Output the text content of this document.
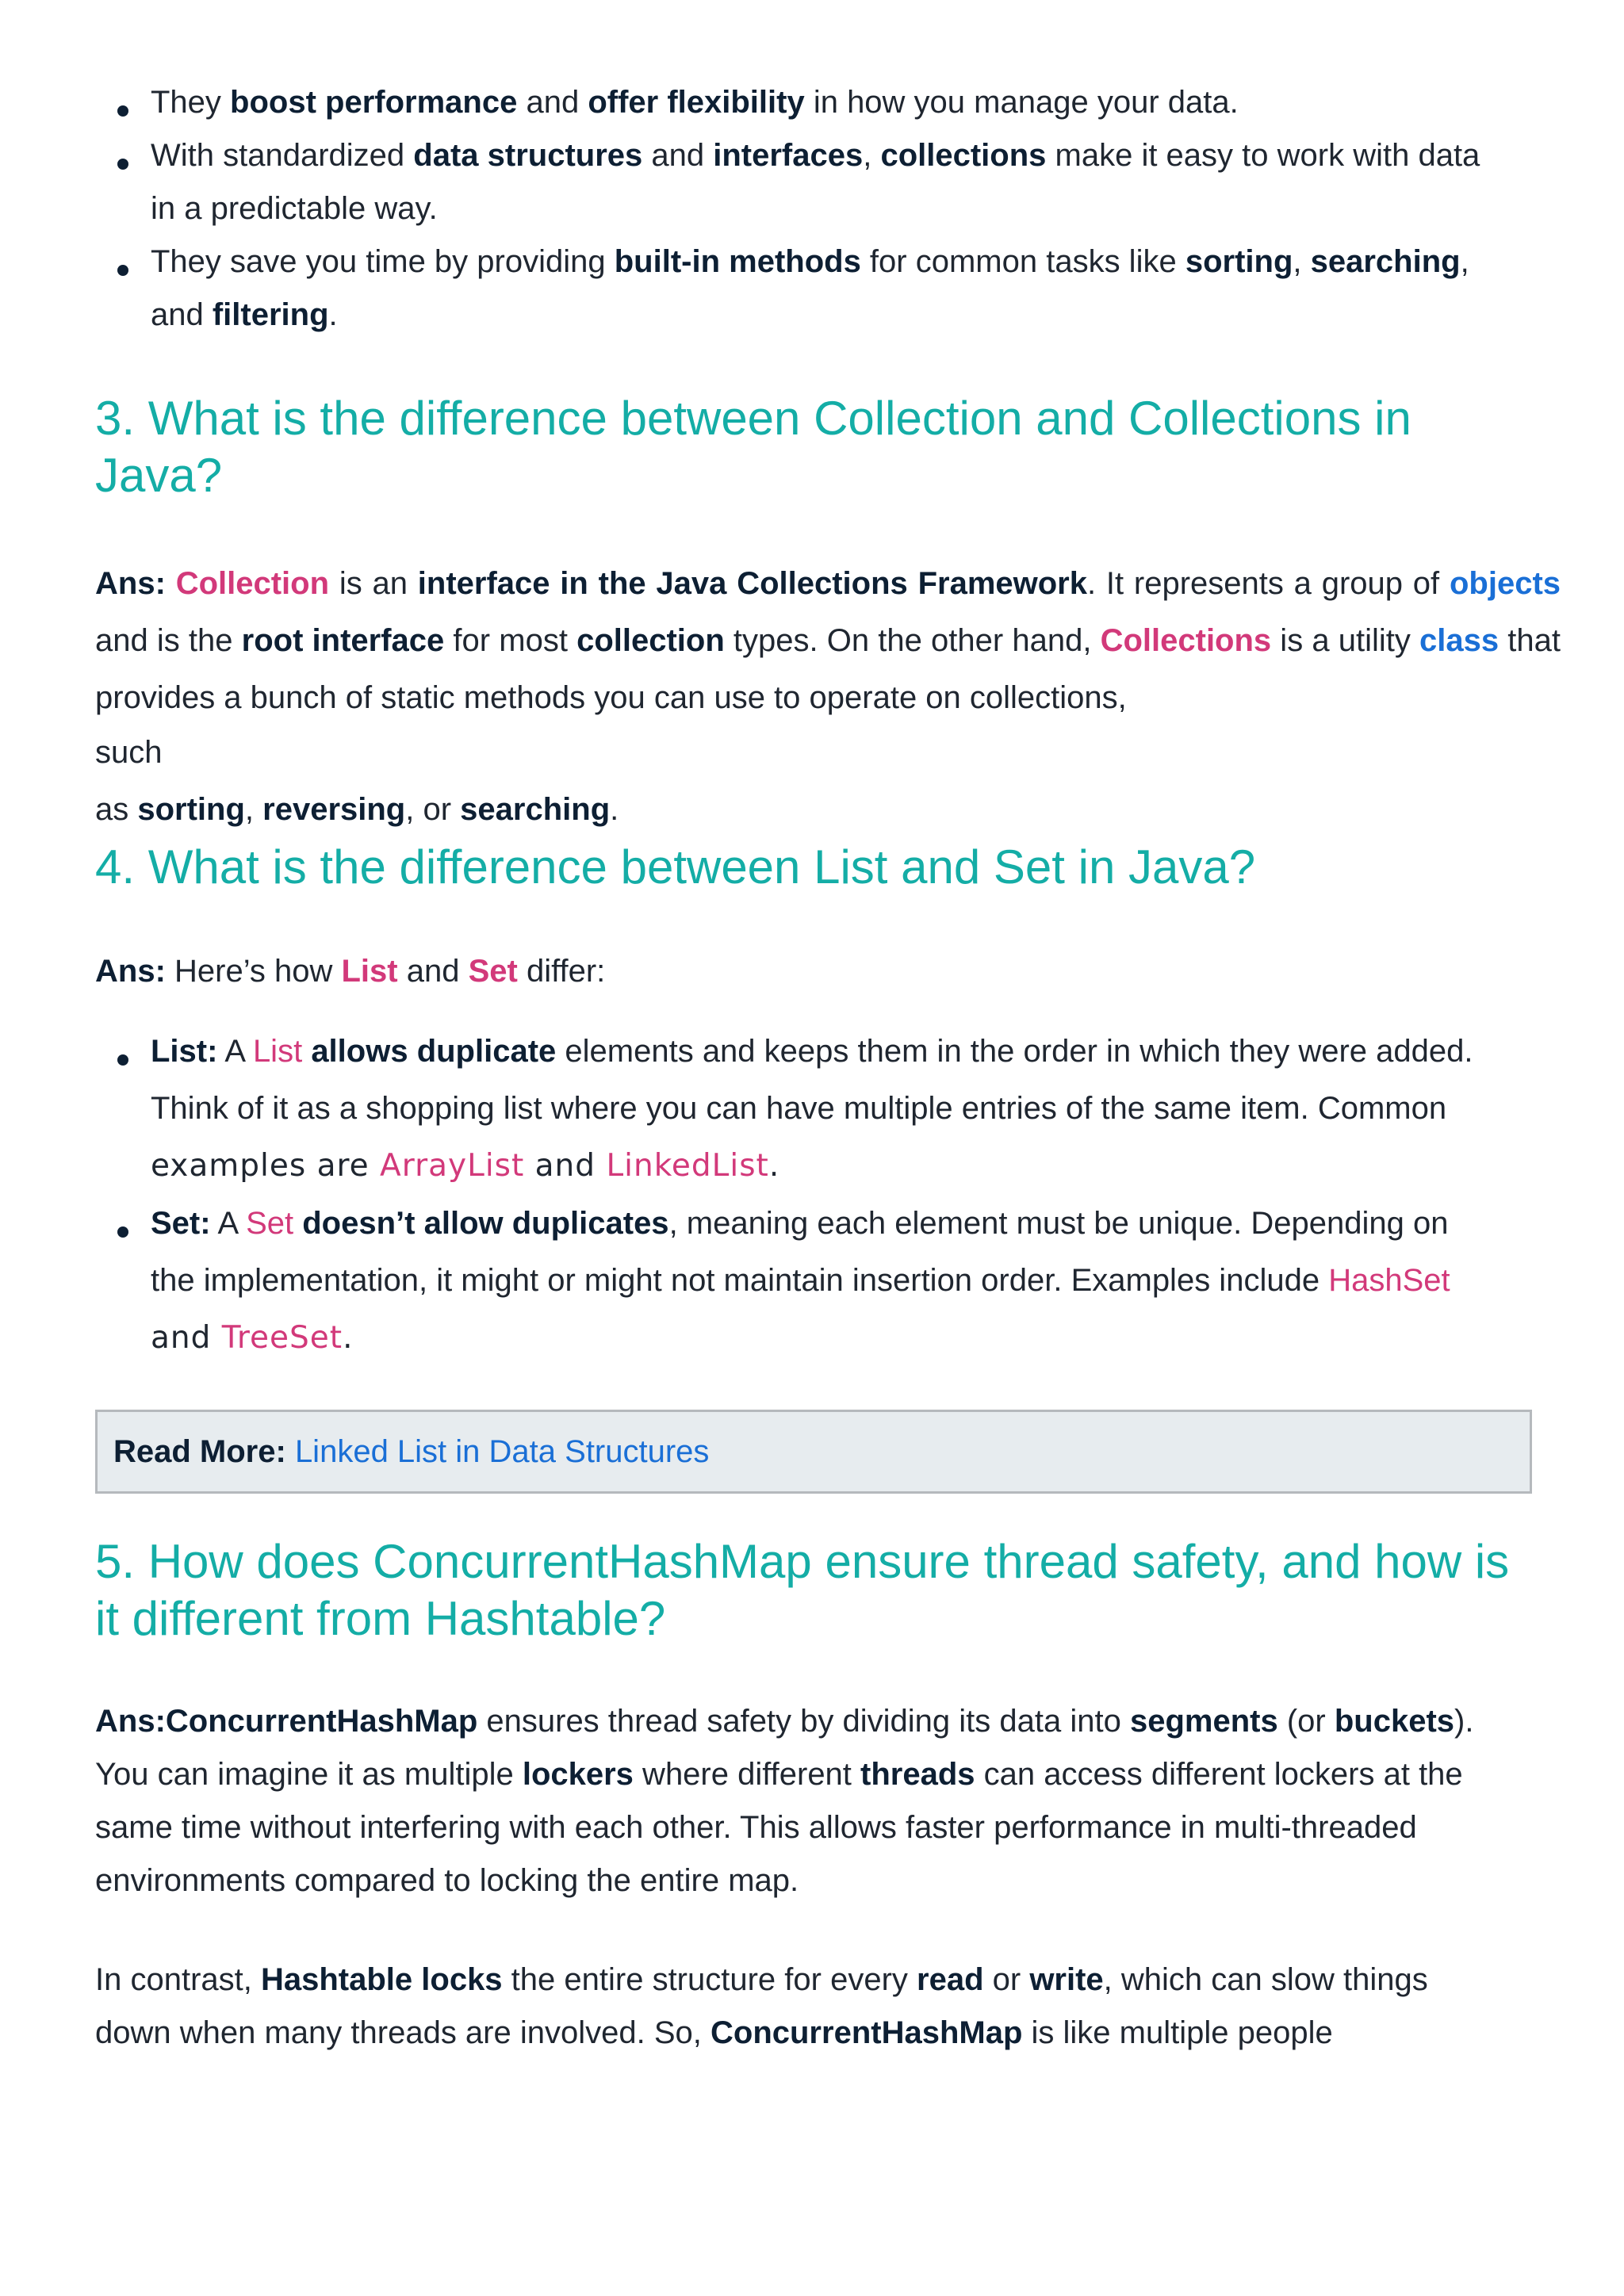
They boost performance and offer flexibility in how you manage your data.
With standardized data structures and interfaces, collections make it easy to work with data
in a predictable way.
They save you time by providing built-in methods for common tasks like sorting, searching,
and filtering.
3. What is the difference between Collection and Collections in
Java?
Ans: Collection is an interface in the Java Collections Framework. It represents a group of objects and is the root interface for most collection types. On the other hand, Collections is a utility class that provides a bunch of static methods you can use to operate on collections,
such
as sorting, reversing, or searching.
4. What is the difference between List and Set in Java?
Ans: Here’s how List and Set differ:
List: A List allows duplicate elements and keeps them in the order in which they were added.
Think of it as a shopping list where you can have multiple entries of the same item. Common
examples are ArrayList and LinkedList.
Set: A Set doesn’t allow duplicates, meaning each element must be unique. Depending on
the implementation, it might or might not maintain insertion order. Examples include HashSet
and TreeSet.
Read More: Linked List in Data Structures
5. How does ConcurrentHashMap ensure thread safety, and how is
it different from Hashtable?
Ans:ConcurrentHashMap ensures thread safety by dividing its data into segments (or buckets).
You can imagine it as multiple lockers where different threads can access different lockers at the
same time without interfering with each other. This allows faster performance in multi-threaded
environments compared to locking the entire map.
In contrast, Hashtable locks the entire structure for every read or write, which can slow things
down when many threads are involved. So, ConcurrentHashMap is like multiple people
